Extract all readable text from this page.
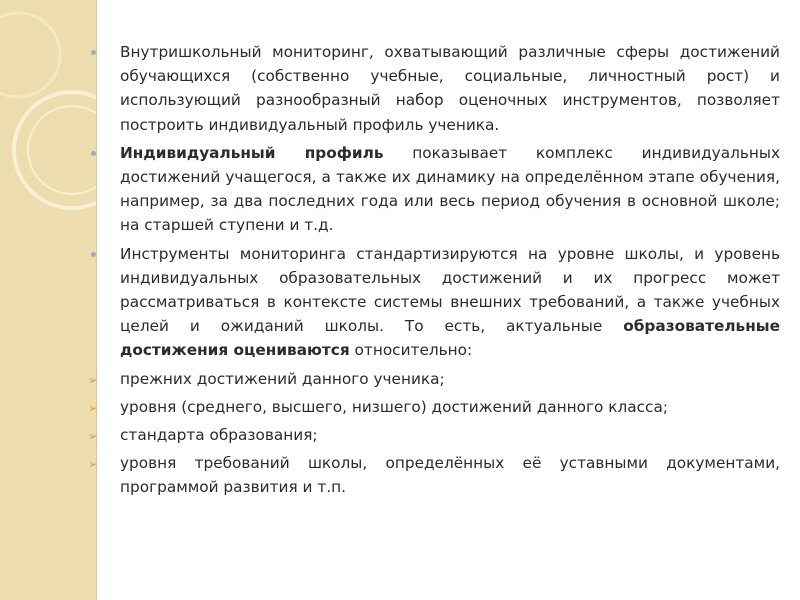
Внутришкольный мониторинг, охватывающий различные сферы достижений обучающихся (собственно учебные, социальные, личностный рост) и использующий разнообразный набор оценочных инструментов, позволяет построить индивидуальный профиль ученика.
Индивидуальный профиль показывает комплекс индивидуальных достижений учащегося, а также их динамику на определённом этапе обучения, например, за два последних года или весь период обучения в основной школе; на старшей ступени и т.д.
Инструменты мониторинга стандартизируются на уровне школы, и уровень индивидуальных образовательных достижений и их прогресс может рассматриваться в контексте системы внешних требований, а также учебных целей и ожиданий школы. То есть, актуальные образовательные достижения оцениваются относительно:
➢ прежних достижений данного ученика;
➢ уровня (среднего, высшего, низшего) достижений данного класса;
➢ стандарта образования;
➢ уровня требований школы, определённых её уставными документами, программой развития и т.п.
